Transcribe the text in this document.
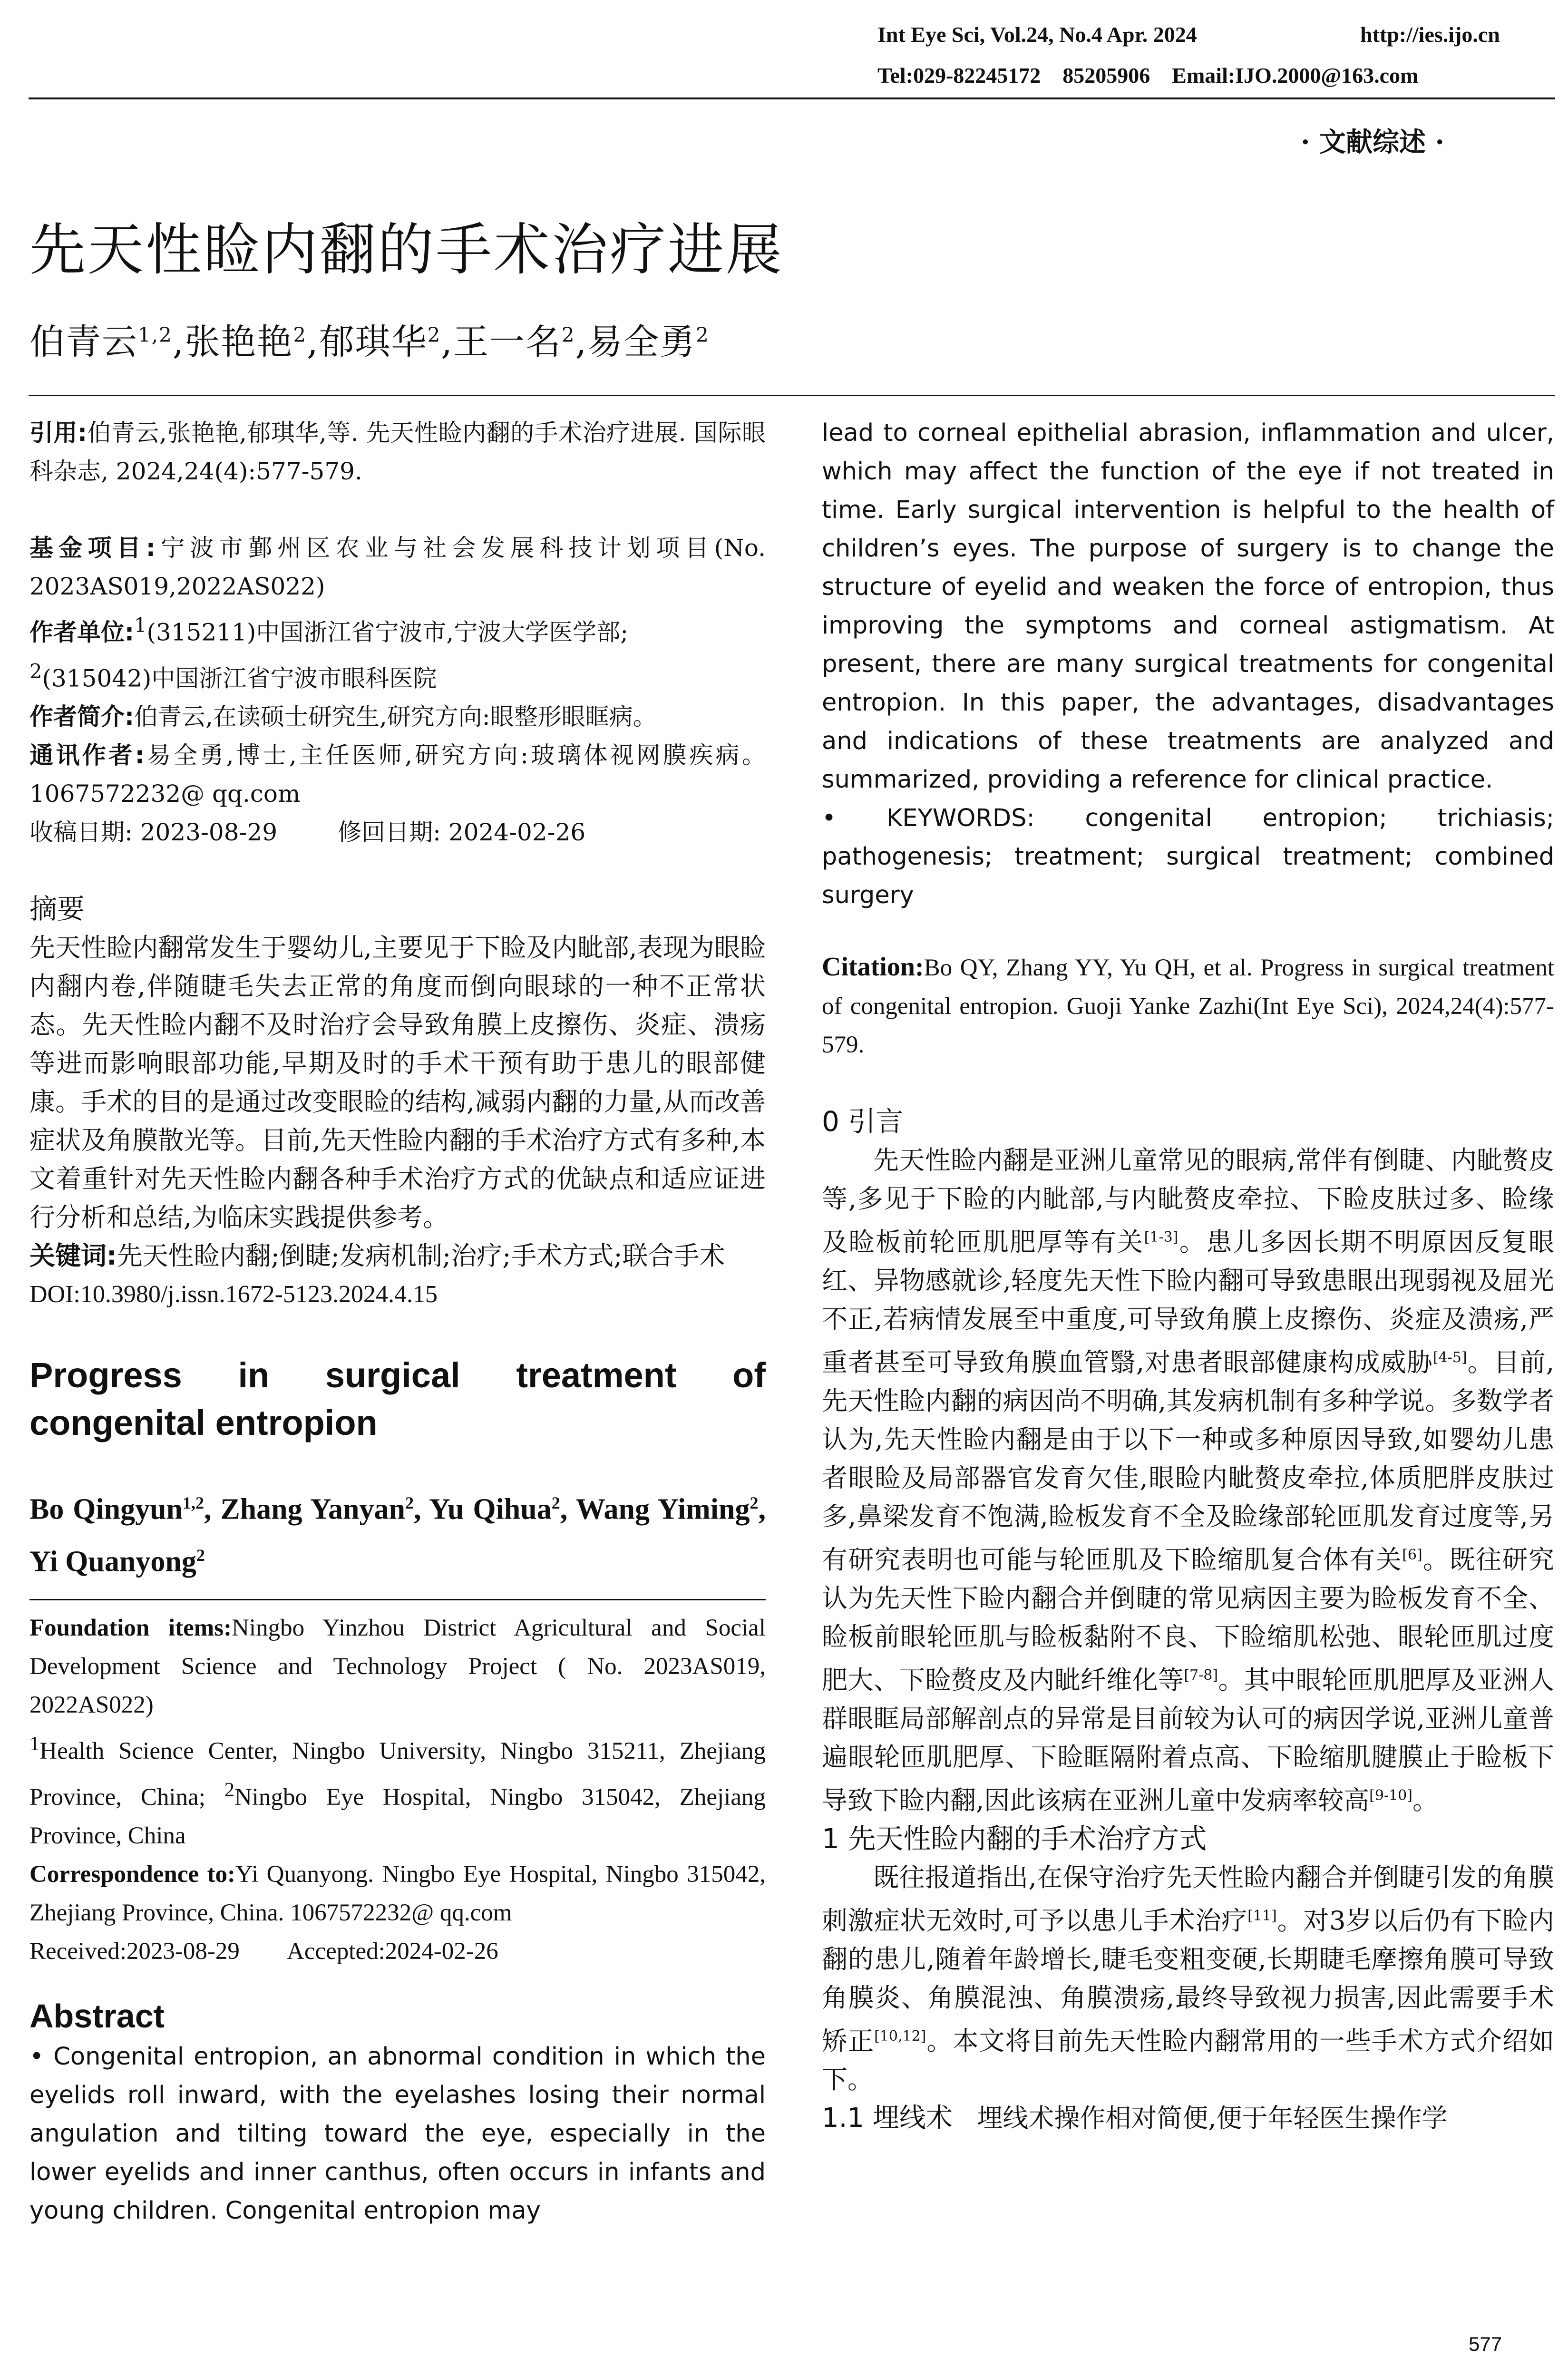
Int Eye Sci, Vol.24, No.4 Apr. 2024	http://ies.ijo.cn
Tel:029-82245172    85205906    Email:IJO.2000@163.com
· 文献综述 ·
先天性睑内翻的手术治疗进展
伯青云$^{1,2}$,张艳艳$^2$,郁琪华$^2$,王一名$^2$,易全勇$^2$

引用:伯青云,张艳艳,郁琪华,等. 先天性睑内翻的手术治疗进展. 国际眼科杂志, 2024,24(4):577-579.

基金项目:宁波市鄞州区农业与社会发展科技计划项目(No. 2023AS019,2022AS022)

作者单位:$^1$(315211)中国浙江省宁波市,宁波大学医学部;
$^2$(315042)中国浙江省宁波市眼科医院

作者简介:伯青云,在读硕士研究生,研究方向:眼整形眼眶病。

通讯作者:易全勇,博士,主任医师,研究方向:玻璃体视网膜疾病。1067572232@ qq.com

收稿日期: 2023-08-29        修回日期: 2024-02-26

摘要

先天性睑内翻常发生于婴幼儿,主要见于下睑及内眦部,表现为眼睑内翻内卷,伴随睫毛失去正常的角度而倒向眼球的一种不正常状态。先天性睑内翻不及时治疗会导致角膜上皮擦伤、炎症、溃疡等进而影响眼部功能,早期及时的手术干预有助于患儿的眼部健康。手术的目的是通过改变眼睑的结构,减弱内翻的力量,从而改善症状及角膜散光等。目前,先天性睑内翻的手术治疗方式有多种,本文着重针对先天性睑内翻各种手术治疗方式的优缺点和适应证进行分析和总结,为临床实践提供参考。

关键词:先天性睑内翻;倒睫;发病机制;治疗;手术方式;联合手术

DOI:10.3980/j.issn.1672-5123.2024.4.15

Progress in surgical treatment of
congenital entropion
Bo Qingyun$^{1,2}$, Zhang Yanyan$^2$, Yu Qihua$^2$, Wang Yiming$^2$, Yi Quanyong$^2$

Foundation items:Ningbo Yinzhou District Agricultural and Social Development Science and Technology Project ( No. 2023AS019, 2022AS022)

$^1$Health Science Center, Ningbo University, Ningbo 315211, Zhejiang Province, China; $^2$Ningbo Eye Hospital, Ningbo 315042, Zhejiang Province, China

Correspondence to:Yi Quanyong. Ningbo Eye Hospital, Ningbo 315042, Zhejiang Province, China. 1067572232@ qq.com

Received:2023-08-29        Accepted:2024-02-26

Abstract

• Congenital entropion, an abnormal condition in which the eyelids roll inward, with the eyelashes losing their normal angulation and tilting toward the eye, especially in the lower eyelids and inner canthus, often occurs in infants and young children. Congenital entropion may

lead to corneal epithelial abrasion, inflammation and ulcer, which may affect the function of the eye if not treated in time. Early surgical intervention is helpful to the health of children’s eyes. The purpose of surgery is to change the structure of eyelid and weaken the force of entropion, thus improving the symptoms and corneal astigmatism. At present, there are many surgical treatments for congenital entropion. In this paper, the advantages, disadvantages and indications of these treatments are analyzed and summarized, providing a reference for clinical practice.

• KEYWORDS: congenital entropion; trichiasis; pathogenesis; treatment; surgical treatment; combined surgery

Citation:Bo QY, Zhang YY, Yu QH, et al. Progress in surgical treatment of congenital entropion. Guoji Yanke Zazhi(Int Eye Sci), 2024,24(4):577-579.

0 引言

先天性睑内翻是亚洲儿童常见的眼病,常伴有倒睫、内眦赘皮等,多见于下睑的内眦部,与内眦赘皮牵拉、下睑皮肤过多、睑缘及睑板前轮匝肌肥厚等有关[1-3]。患儿多因长期不明原因反复眼红、异物感就诊,轻度先天性下睑内翻可导致患眼出现弱视及屈光不正,若病情发展至中重度,可导致角膜上皮擦伤、炎症及溃疡,严重者甚至可导致角膜血管翳,对患者眼部健康构成威胁[4-5]。目前,先天性睑内翻的病因尚不明确,其发病机制有多种学说。多数学者认为,先天性睑内翻是由于以下一种或多种原因导致,如婴幼儿患者眼睑及局部器官发育欠佳,眼睑内眦赘皮牵拉,体质肥胖皮肤过多,鼻梁发育不饱满,睑板发育不全及睑缘部轮匝肌发育过度等,另有研究表明也可能与轮匝肌及下睑缩肌复合体有关[6]。既往研究认为先天性下睑内翻合并倒睫的常见病因主要为睑板发育不全、睑板前眼轮匝肌与睑板黏附不良、下睑缩肌松弛、眼轮匝肌过度肥大、下睑赘皮及内眦纤维化等[7-8]。其中眼轮匝肌肥厚及亚洲人群眼眶局部解剖点的异常是目前较为认可的病因学说,亚洲儿童普遍眼轮匝肌肥厚、下睑眶隔附着点高、下睑缩肌腱膜止于睑板下导致下睑内翻,因此该病在亚洲儿童中发病率较高[9-10]。

1 先天性睑内翻的手术治疗方式

既往报道指出,在保守治疗先天性睑内翻合并倒睫引发的角膜刺激症状无效时,可予以患儿手术治疗[11]。对3岁以后仍有下睑内翻的患儿,随着年龄增长,睫毛变粗变硬,长期睫毛摩擦角膜可导致角膜炎、角膜混浊、角膜溃疡,最终导致视力损害,因此需要手术矫正[10,12]。本文将目前先天性睑内翻常用的一些手术方式介绍如下。

1.1 埋线术 埋线术操作相对简便,便于年轻医生操作学

577
